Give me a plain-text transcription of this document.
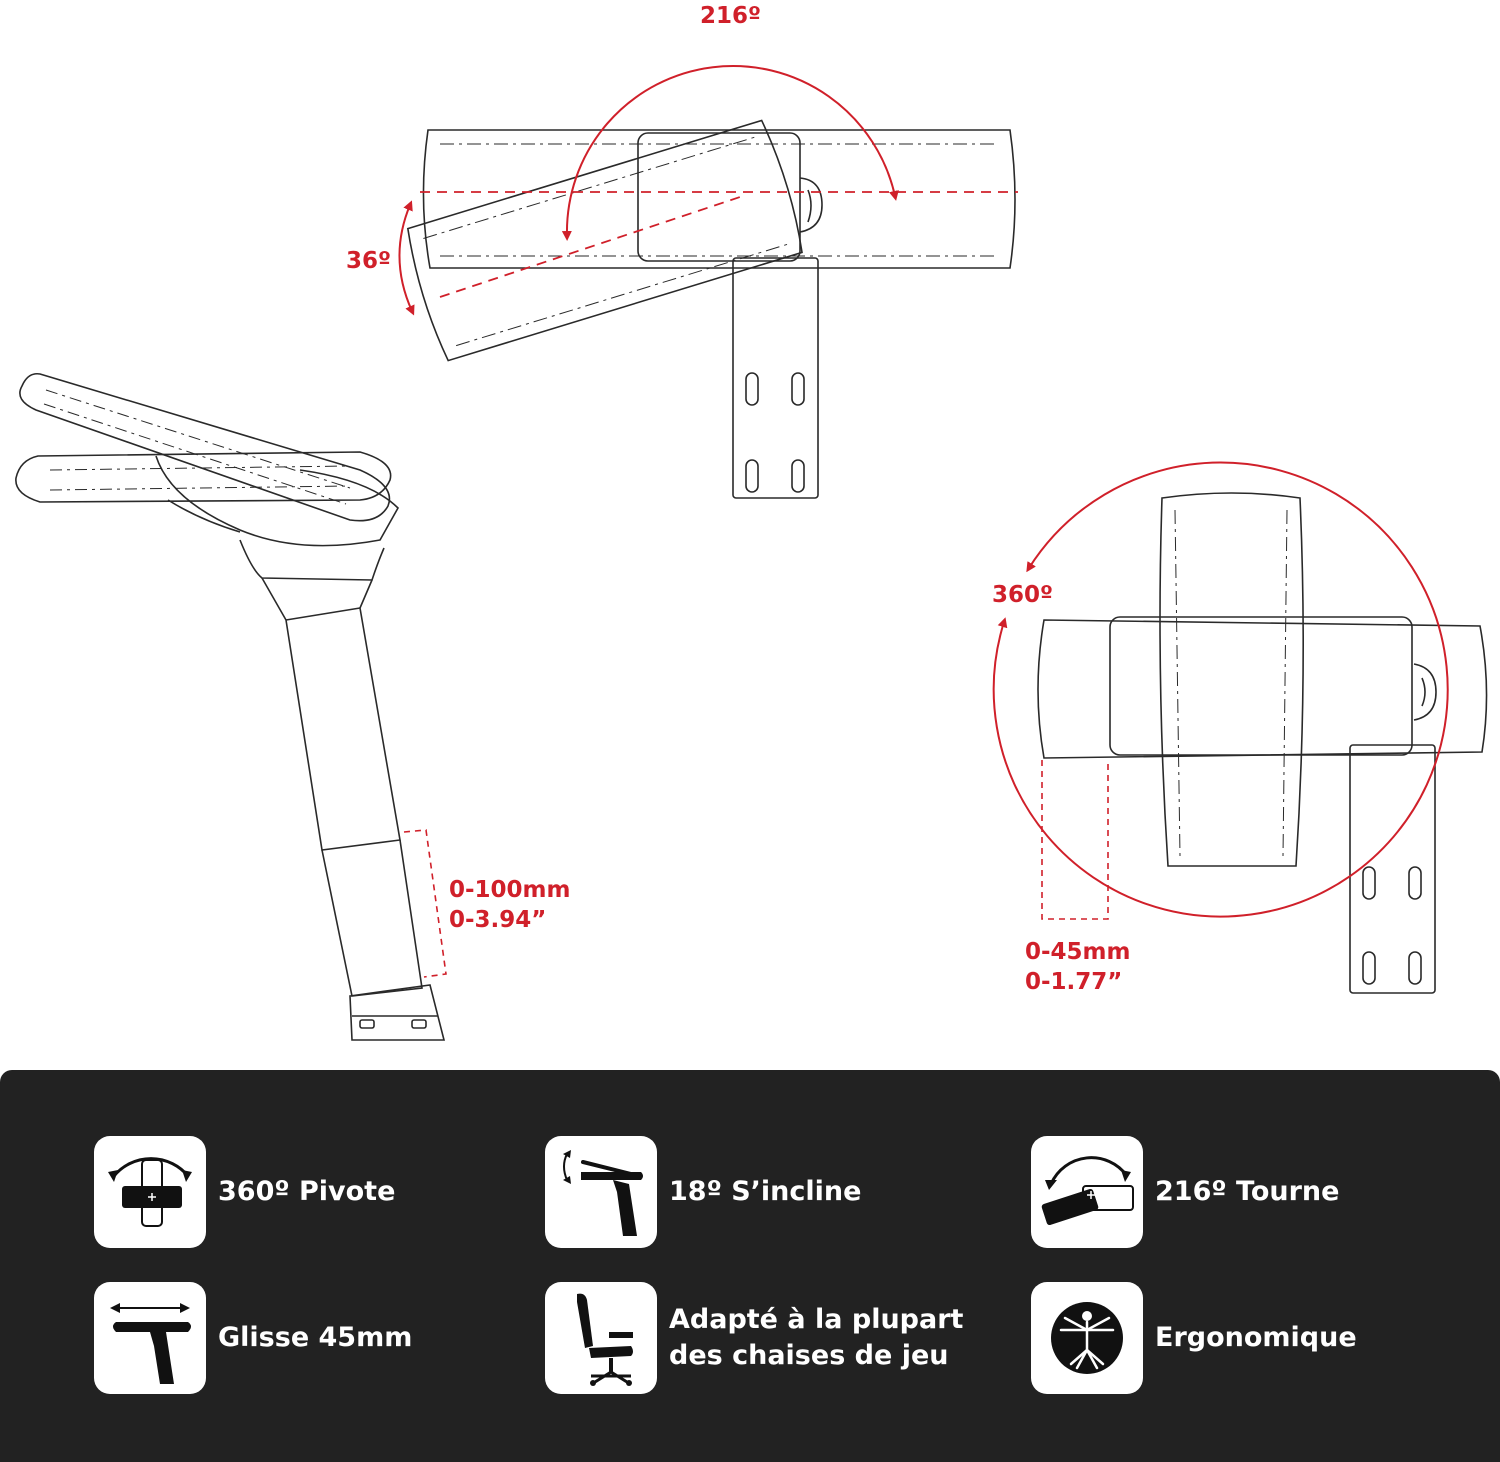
216º
36º
0-100mm
0-3.94”
360º
0-45mm
0-1.77”
360º Pivote	18º S’incline	216º Tourne
Glisse 45mm
Adapté à la plupart
des chaises de jeu
Ergonomique
